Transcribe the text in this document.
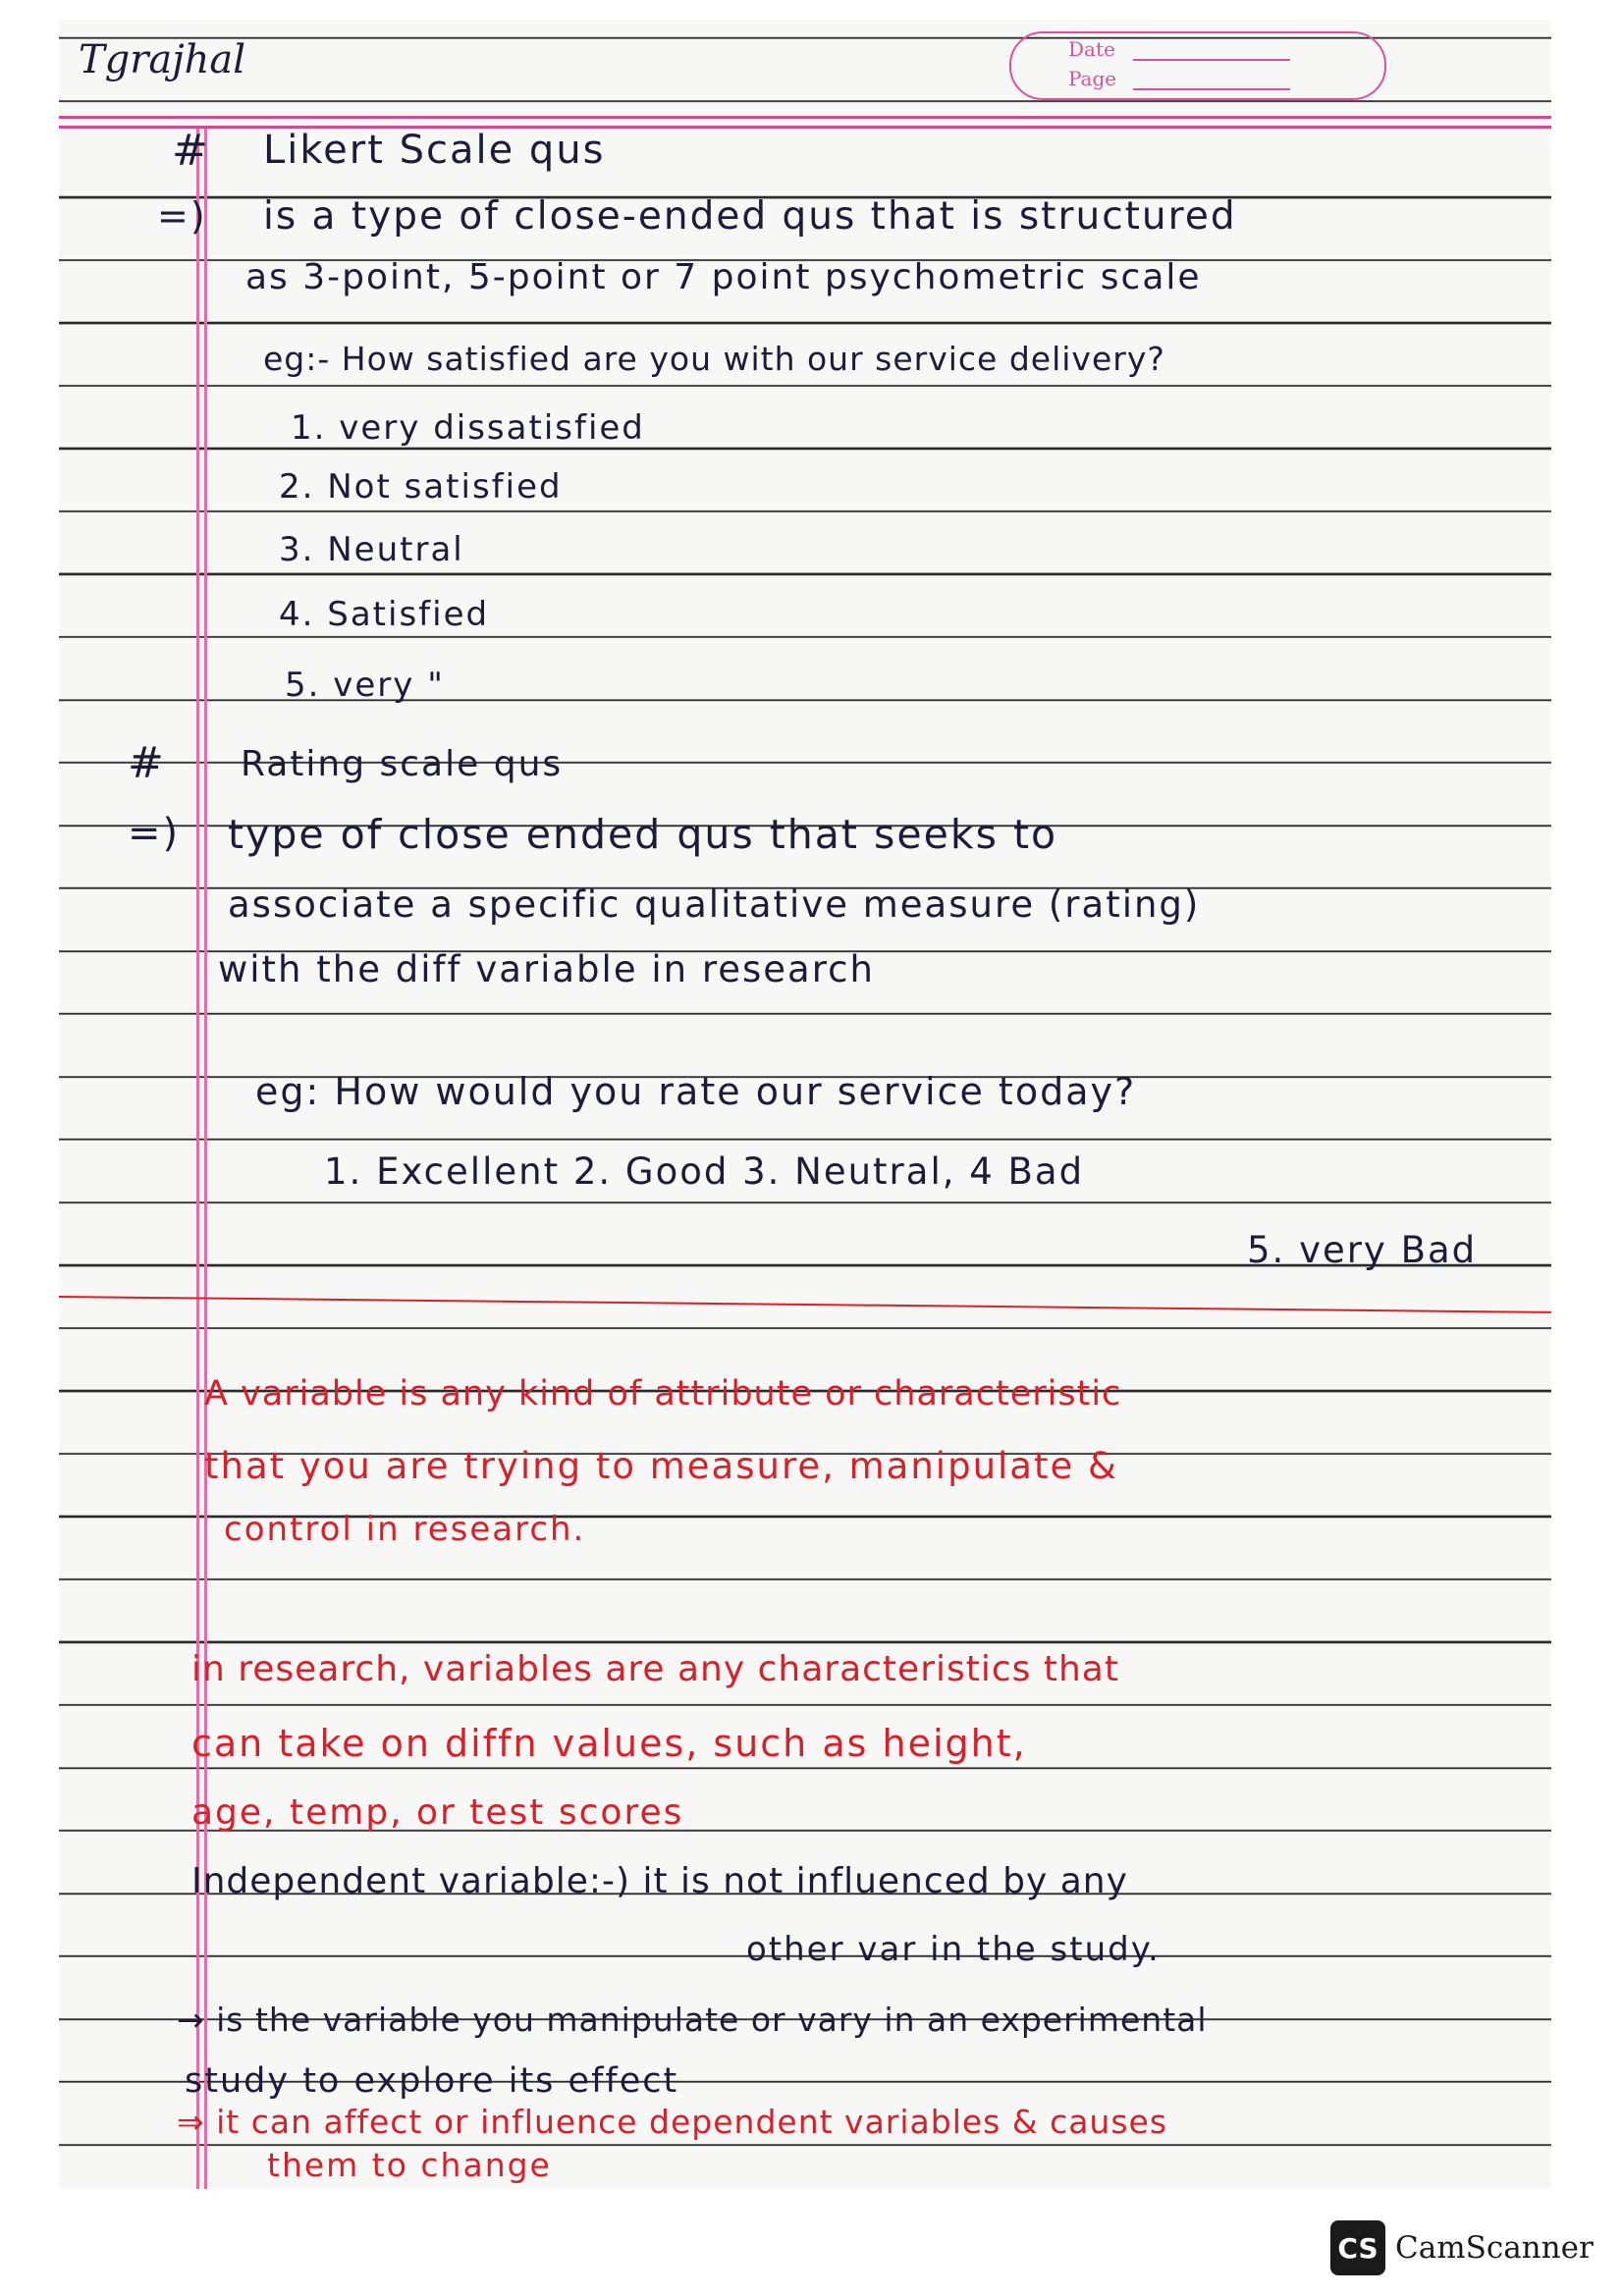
Tgrajhal	Date
Page
# Likert Scale qus
=) is a type of close-ended qus that is structured
as 3-point, 5-point or 7 point psychometric scale
eg:- How satisfied are you with our service delivery?
1. very dissatisfied
2. Not satisfied
3. Neutral
4. Satisfied
5. very "
# Rating scale qus
=) type of close ended qus that seeks to
associate a specific qualitative measure (rating)
with the diff variable in research
eg: How would you rate our service today?
1. Excellent 2. Good 3. Neutral, 4 Bad
5. very Bad
A variable is any kind of attribute or characteristic
that you are trying to measure, manipulate &
control in research.
in research, variables are any characteristics that
can take on diffn values, such as height,
age, temp, or test scores
Independent variable:-) it is not influenced by any
other var in the study.
→ is the variable you manipulate or vary in an experimental
study to explore its effect
⇒ it can affect or influence dependent variables & causes
them to change
CS CamScanner
